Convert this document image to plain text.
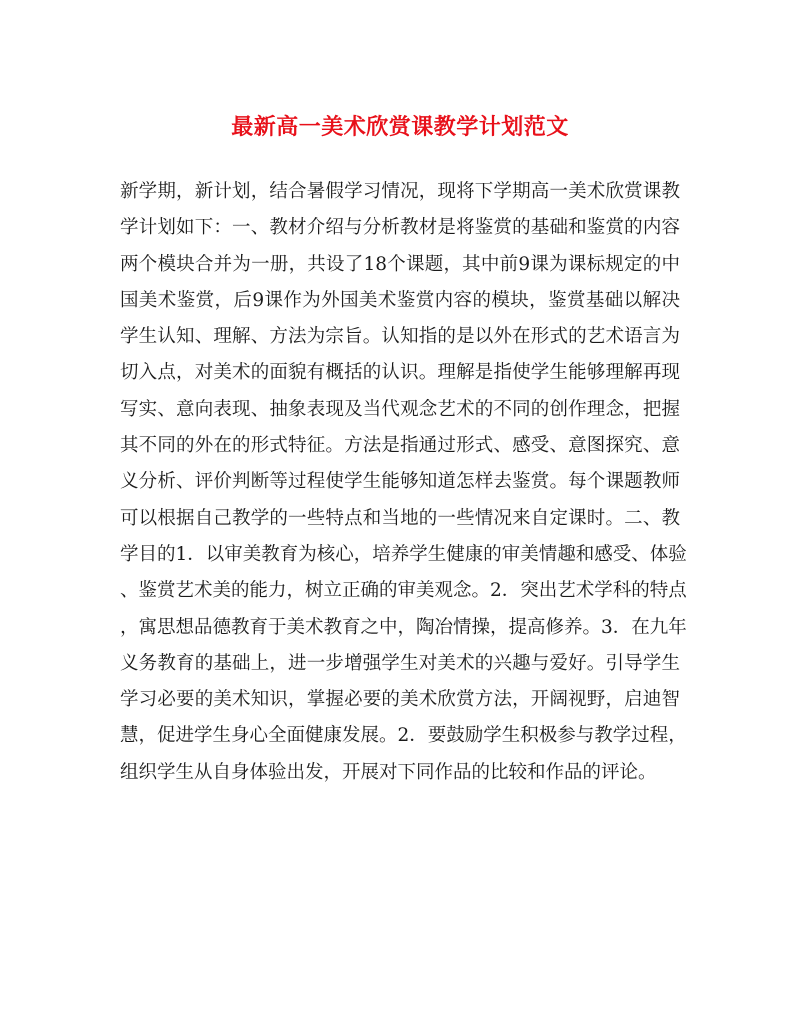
最新高一美术欣赏课教学计划范文
新学期，新计划，结合暑假学习情况，现将下学期高一美术欣赏课教
学计划如下：一、教材介绍与分析教材是将鉴赏的基础和鉴赏的内容
两个模块合并为一册，共设了18个课题，其中前9课为课标规定的中
国美术鉴赏，后9课作为外国美术鉴赏内容的模块，鉴赏基础以解决
学生认知、理解、方法为宗旨。认知指的是以外在形式的艺术语言为
切入点，对美术的面貌有概括的认识。理解是指使学生能够理解再现
写实、意向表现、抽象表现及当代观念艺术的不同的创作理念，把握
其不同的外在的形式特征。方法是指通过形式、感受、意图探究、意
义分析、评价判断等过程使学生能够知道怎样去鉴赏。每个课题教师
可以根据自己教学的一些特点和当地的一些情况来自定课时。二、教
学目的1．以审美教育为核心，培养学生健康的审美情趣和感受、体验
、鉴赏艺术美的能力，树立正确的审美观念。2．突出艺术学科的特点
，寓思想品德教育于美术教育之中，陶冶情操，提高修养。3．在九年
义务教育的基础上，进一步增强学生对美术的兴趣与爱好。引导学生
学习必要的美术知识，掌握必要的美术欣赏方法，开阔视野，启迪智
慧，促进学生身心全面健康发展。2．要鼓励学生积极参与教学过程，
组织学生从自身体验出发，开展对下同作品的比较和作品的评论。
